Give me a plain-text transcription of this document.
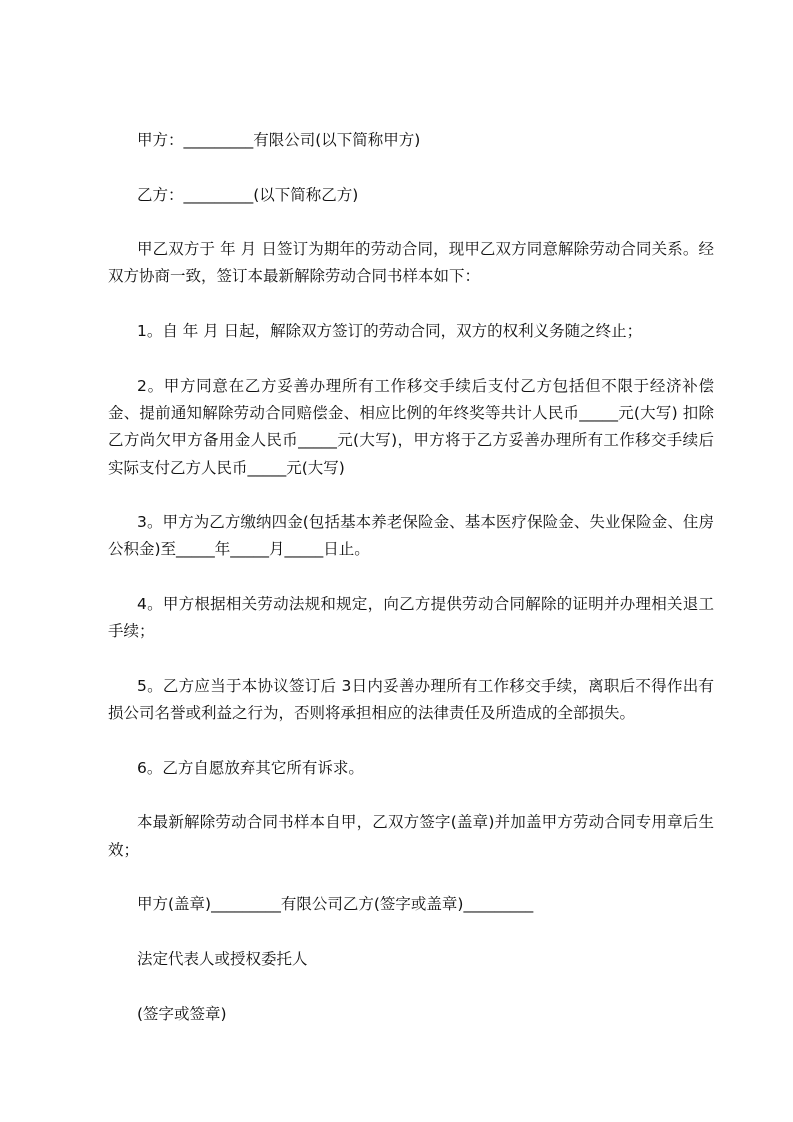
甲方：_________有限公司(以下简称甲方)

乙方：_________(以下简称乙方)

甲乙双方于 年 月 日签订为期年的劳动合同，现甲乙双方同意解除劳动合同关系。经双方协商一致，签订本最新解除劳动合同书样本如下：

1。自 年 月 日起，解除双方签订的劳动合同，双方的权利义务随之终止；

2。甲方同意在乙方妥善办理所有工作移交手续后支付乙方包括但不限于经济补偿金、提前通知解除劳动合同赔偿金、相应比例的年终奖等共计人民币_____元(大写) 扣除乙方尚欠甲方备用金人民币_____元(大写)，甲方将于乙方妥善办理所有工作移交手续后实际支付乙方人民币_____元(大写)

3。甲方为乙方缴纳四金(包括基本养老保险金、基本医疗保险金、失业保险金、住房公积金)至_____年_____月_____日止。

4。甲方根据相关劳动法规和规定，向乙方提供劳动合同解除的证明并办理相关退工手续；

5。乙方应当于本协议签订后 3日内妥善办理所有工作移交手续，离职后不得作出有损公司名誉或利益之行为，否则将承担相应的法律责任及所造成的全部损失。

6。乙方自愿放弃其它所有诉求。

本最新解除劳动合同书样本自甲，乙双方签字(盖章)并加盖甲方劳动合同专用章后生效；

甲方(盖章)_________有限公司乙方(签字或盖章)_________

法定代表人或授权委托人

(签字或签章)
